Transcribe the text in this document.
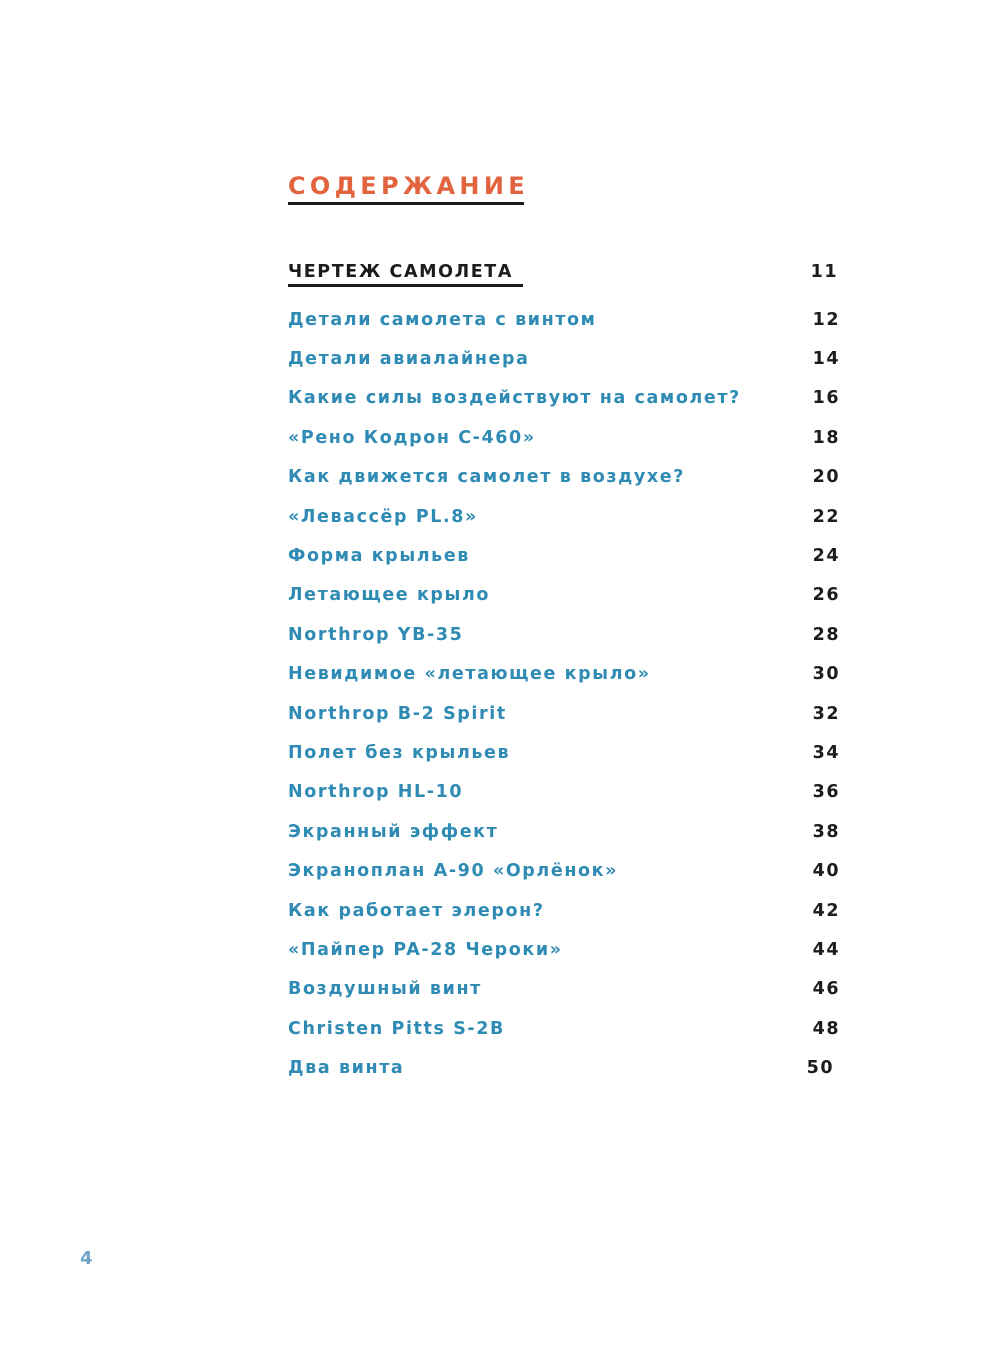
СОДЕРЖАНИЕ
ЧЕРТЕЖ САМОЛЕТА	11
Детали самолета с винтом	12
Детали авиалайнера	14
Какие силы воздействуют на самолет?	16
«Рено Кодрон С-460»	18
Как движется самолет в воздухе?	20
«Левассёр PL.8»	22
Форма крыльев	24
Летающее крыло	26
Northrop YB-35	28
Невидимое «летающее крыло»	30
Northrop B-2 Spirit	32
Полет без крыльев	34
Northrop HL-10	36
Экранный эффект	38
Экраноплан А-90 «Орлёнок»	40
Как работает элерон?	42
«Пайпер PA-28 Чероки»	44
Воздушный винт	46
Christen Pitts S-2B	48
Два винта	50
4
